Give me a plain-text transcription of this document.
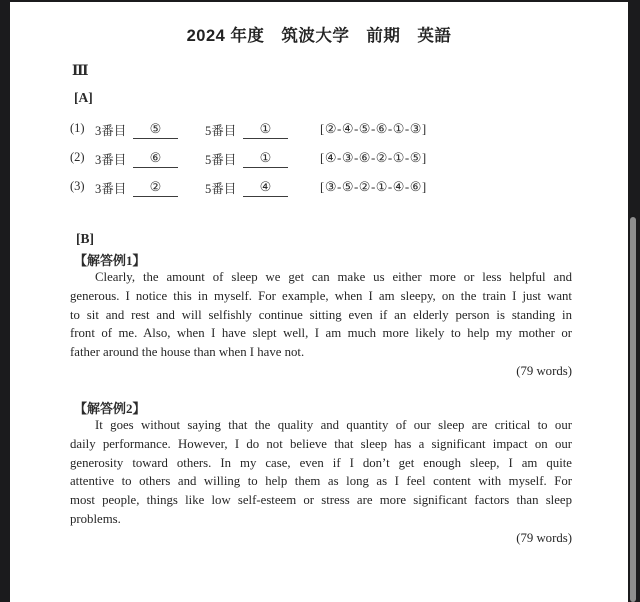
2024 年度　筑波大学　前期　英語
Ⅲ
[A]
(1) 3番目	⑤	5番目	①	[②-④-⑤-⑥-①-③]
(2) 3番目	⑥	5番目	①	[④-③-⑥-②-①-⑤]
(3) 3番目	②	5番目	④	[③-⑤-②-①-④-⑥]
[B]
【解答例1】
Clearly, the amount of sleep we get can make us either more or less helpful and
generous. I notice this in myself. For example, when I am sleepy, on the train I just want
to sit and rest and will selfishly continue sitting even if an elderly person is standing in
front of me. Also, when I have slept well, I am much more likely to help my mother or
father around the house than when I have not.
(79 words)
【解答例2】
It goes without saying that the quality and quantity of our sleep are critical to our
daily performance. However, I do not believe that sleep has a significant impact on our
generosity toward others. In my case, even if I don’t get enough sleep, I am quite
attentive to others and willing to help them as long as I feel content with myself. For
most people, things like low self-esteem or stress are more significant factors than sleep
problems.
(79 words)
